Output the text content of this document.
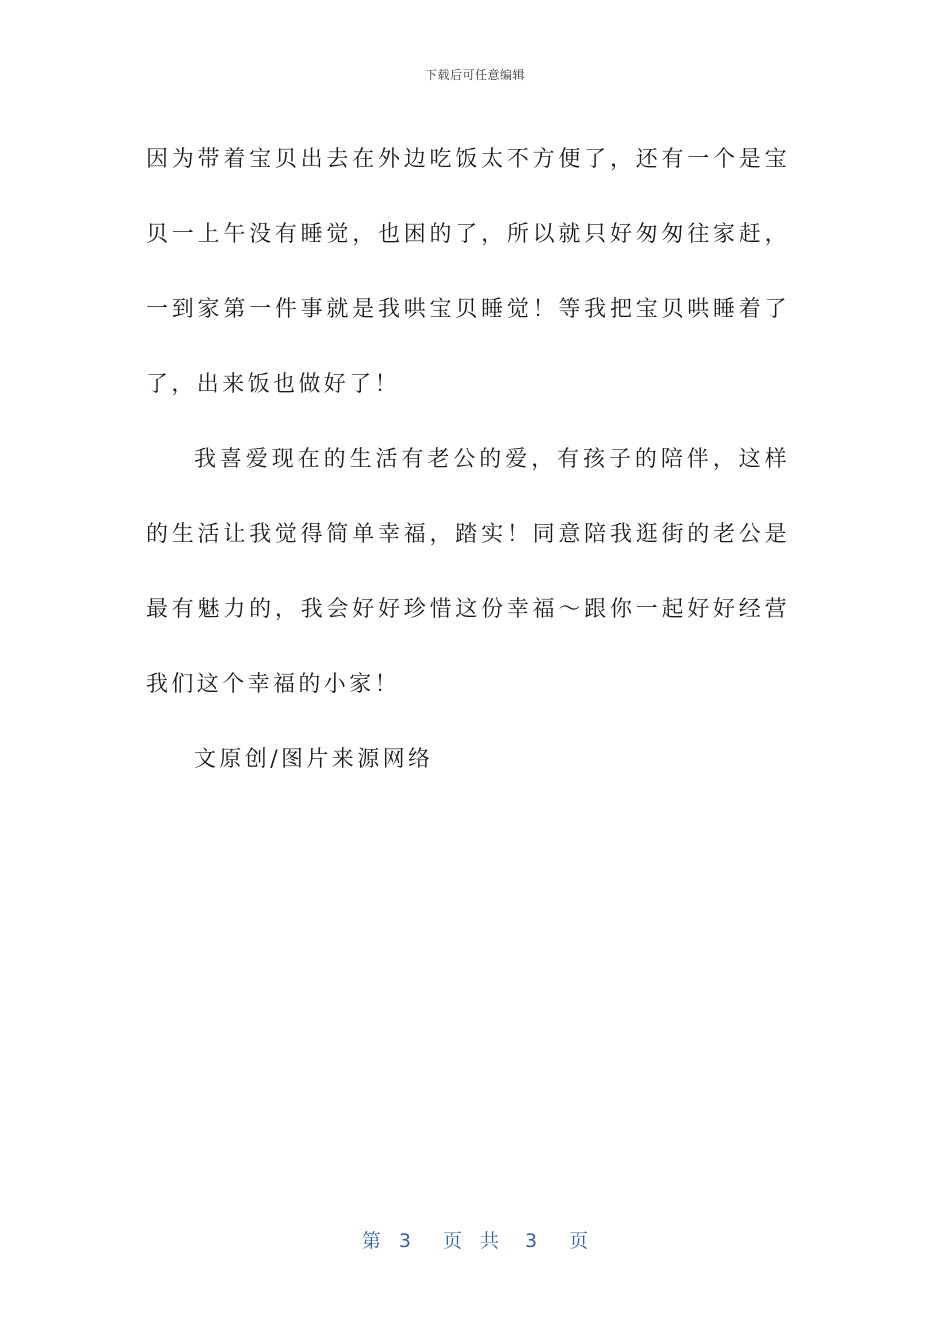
下载后可任意编辑

因为带着宝贝出去在外边吃饭太不方便了，还有一个是宝贝一上午没有睡觉，也困的了，所以就只好匆匆往家赶，一到家第一件事就是我哄宝贝睡觉！等我把宝贝哄睡着了了，出来饭也做好了！

我喜爱现在的生活有老公的爱，有孩子的陪伴，这样的生活让我觉得简单幸福，踏实！同意陪我逛街的老公是最有魅力的，我会好好珍惜这份幸福～跟你一起好好经营我们这个幸福的小家！

文原创/图片来源网络

第 3 页 共 3 页
